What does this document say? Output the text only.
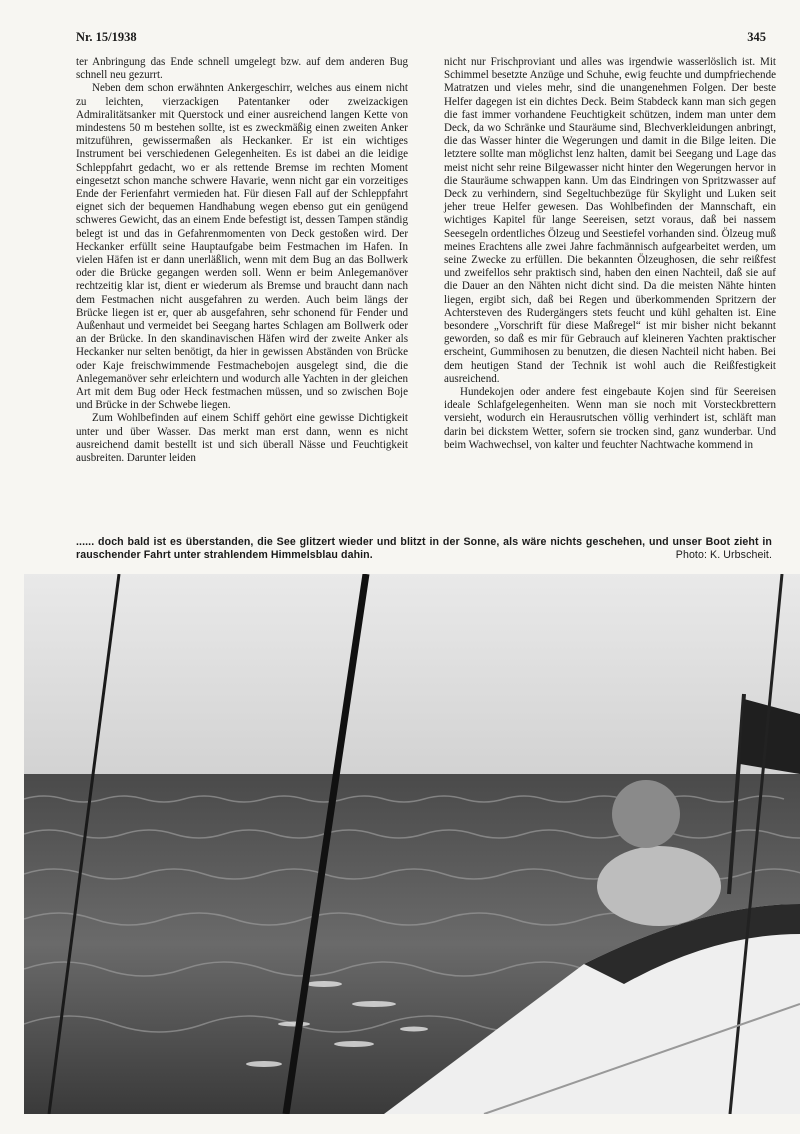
Nr. 15/1938	345

ter Anbringung das Ende schnell umgelegt bzw. auf dem anderen Bug schnell neu gezurrt.

Neben dem schon erwähnten Ankergeschirr, welches aus einem nicht zu leichten, vierzackigen Patentanker oder zweizackigen Admiralitätsanker mit Querstock und einer ausreichend langen Kette von mindestens 50 m bestehen sollte, ist es zweckmäßig einen zweiten Anker mitzuführen, gewissermaßen als Heckanker. Er ist ein wichtiges Instrument bei verschiedenen Gelegenheiten. Es ist dabei an die leidige Schleppfahrt gedacht, wo er als rettende Bremse im rechten Moment eingesetzt schon manche schwere Havarie, wenn nicht gar ein vorzeitiges Ende der Ferienfahrt vermieden hat. Für diesen Fall auf der Schleppfahrt eignet sich der bequemen Handhabung wegen ebenso gut ein genügend schweres Gewicht, das an einem Ende befestigt ist, dessen Tampen ständig belegt ist und das in Gefahrenmomenten von Deck gestoßen wird. Der Heckanker erfüllt seine Hauptaufgabe beim Festmachen im Hafen. In vielen Häfen ist er dann unerläßlich, wenn mit dem Bug an das Bollwerk oder die Brücke gegangen werden soll. Wenn er beim Anlegemanöver rechtzeitig klar ist, dient er wiederum als Bremse und braucht dann nach dem Festmachen nicht ausgefahren zu werden. Auch beim längs der Brücke liegen ist er, quer ab ausgefahren, sehr schonend für Fender und Außenhaut und vermeidet bei Seegang hartes Schlagen am Bollwerk oder an der Brücke. In den skandinavischen Häfen wird der zweite Anker als Heckanker nur selten benötigt, da hier in gewissen Abständen von Brücke oder Kaje freischwimmende Festmachebojen ausgelegt sind, die die Anlegemanöver sehr erleichtern und wodurch alle Yachten in der gleichen Art mit dem Bug oder Heck festmachen müssen, und so zwischen Boje und Brücke in der Schwebe liegen.

Zum Wohlbefinden auf einem Schiff gehört eine gewisse Dichtigkeit unter und über Wasser. Das merkt man erst dann, wenn es nicht ausreichend damit bestellt ist und sich überall Nässe und Feuchtigkeit ausbreiten. Darunter leiden

nicht nur Frischproviant und alles was irgendwie wasserlöslich ist. Mit Schimmel besetzte Anzüge und Schuhe, ewig feuchte und dumpfriechende Matratzen und vieles mehr, sind die unangenehmen Folgen. Der beste Helfer dagegen ist ein dichtes Deck. Beim Stabdeck kann man sich gegen die fast immer vorhandene Feuchtigkeit schützen, indem man unter dem Deck, da wo Schränke und Stauräume sind, Blechverkleidungen anbringt, die das Wasser hinter die Wegerungen und damit in die Bilge leiten. Die letztere sollte man möglichst lenz halten, damit bei Seegang und Lage das meist nicht sehr reine Bilgewasser nicht hinter den Wegerungen hervor in die Stauräume schwappen kann. Um das Eindringen von Spritzwasser auf Deck zu verhindern, sind Segeltuchbezüge für Skylight und Luken seit jeher treue Helfer gewesen. Das Wohlbefinden der Mannschaft, ein wichtiges Kapitel für lange Seereisen, setzt voraus, daß bei nassem Seesegeln ordentliches Ölzeug und Seestiefel vorhanden sind. Ölzeug muß meines Erachtens alle zwei Jahre fachmännisch aufgearbeitet werden, um seine Zwecke zu erfüllen. Die bekannten Ölzeughosen, die sehr reißfest und zweifellos sehr praktisch sind, haben den einen Nachteil, daß sie auf die Dauer an den Nähten nicht dicht sind. Da die meisten Nähte hinten liegen, ergibt sich, daß bei Regen und überkommenden Spritzern der Achtersteven des Rudergängers stets feucht und kühl gehalten ist. Eine besondere „Vorschrift für diese Maßregel“ ist mir bisher nicht bekannt geworden, so daß es mir für Gebrauch auf kleineren Yachten praktischer erscheint, Gummihosen zu benutzen, die diesen Nachteil nicht haben. Bei dem heutigen Stand der Technik ist wohl auch die Reißfestigkeit ausreichend.

Hundekojen oder andere fest eingebaute Kojen sind für Seereisen ideale Schlafgelegenheiten. Wenn man sie noch mit Vorsteckbrettern versieht, wodurch ein Herausrutschen völlig verhindert ist, schläft man darin bei dickstem Wetter, sofern sie trocken sind, ganz wunderbar. Und beim Wachwechsel, von kalter und feuchter Nachtwache kommend in

...... doch bald ist es überstanden, die See glitzert wieder und blitzt in der Sonne, als wäre nichts geschehen, und unser Boot zieht in rauschender Fahrt unter strahlendem Himmelsblau dahin.	Photo: K. Urbscheit.
